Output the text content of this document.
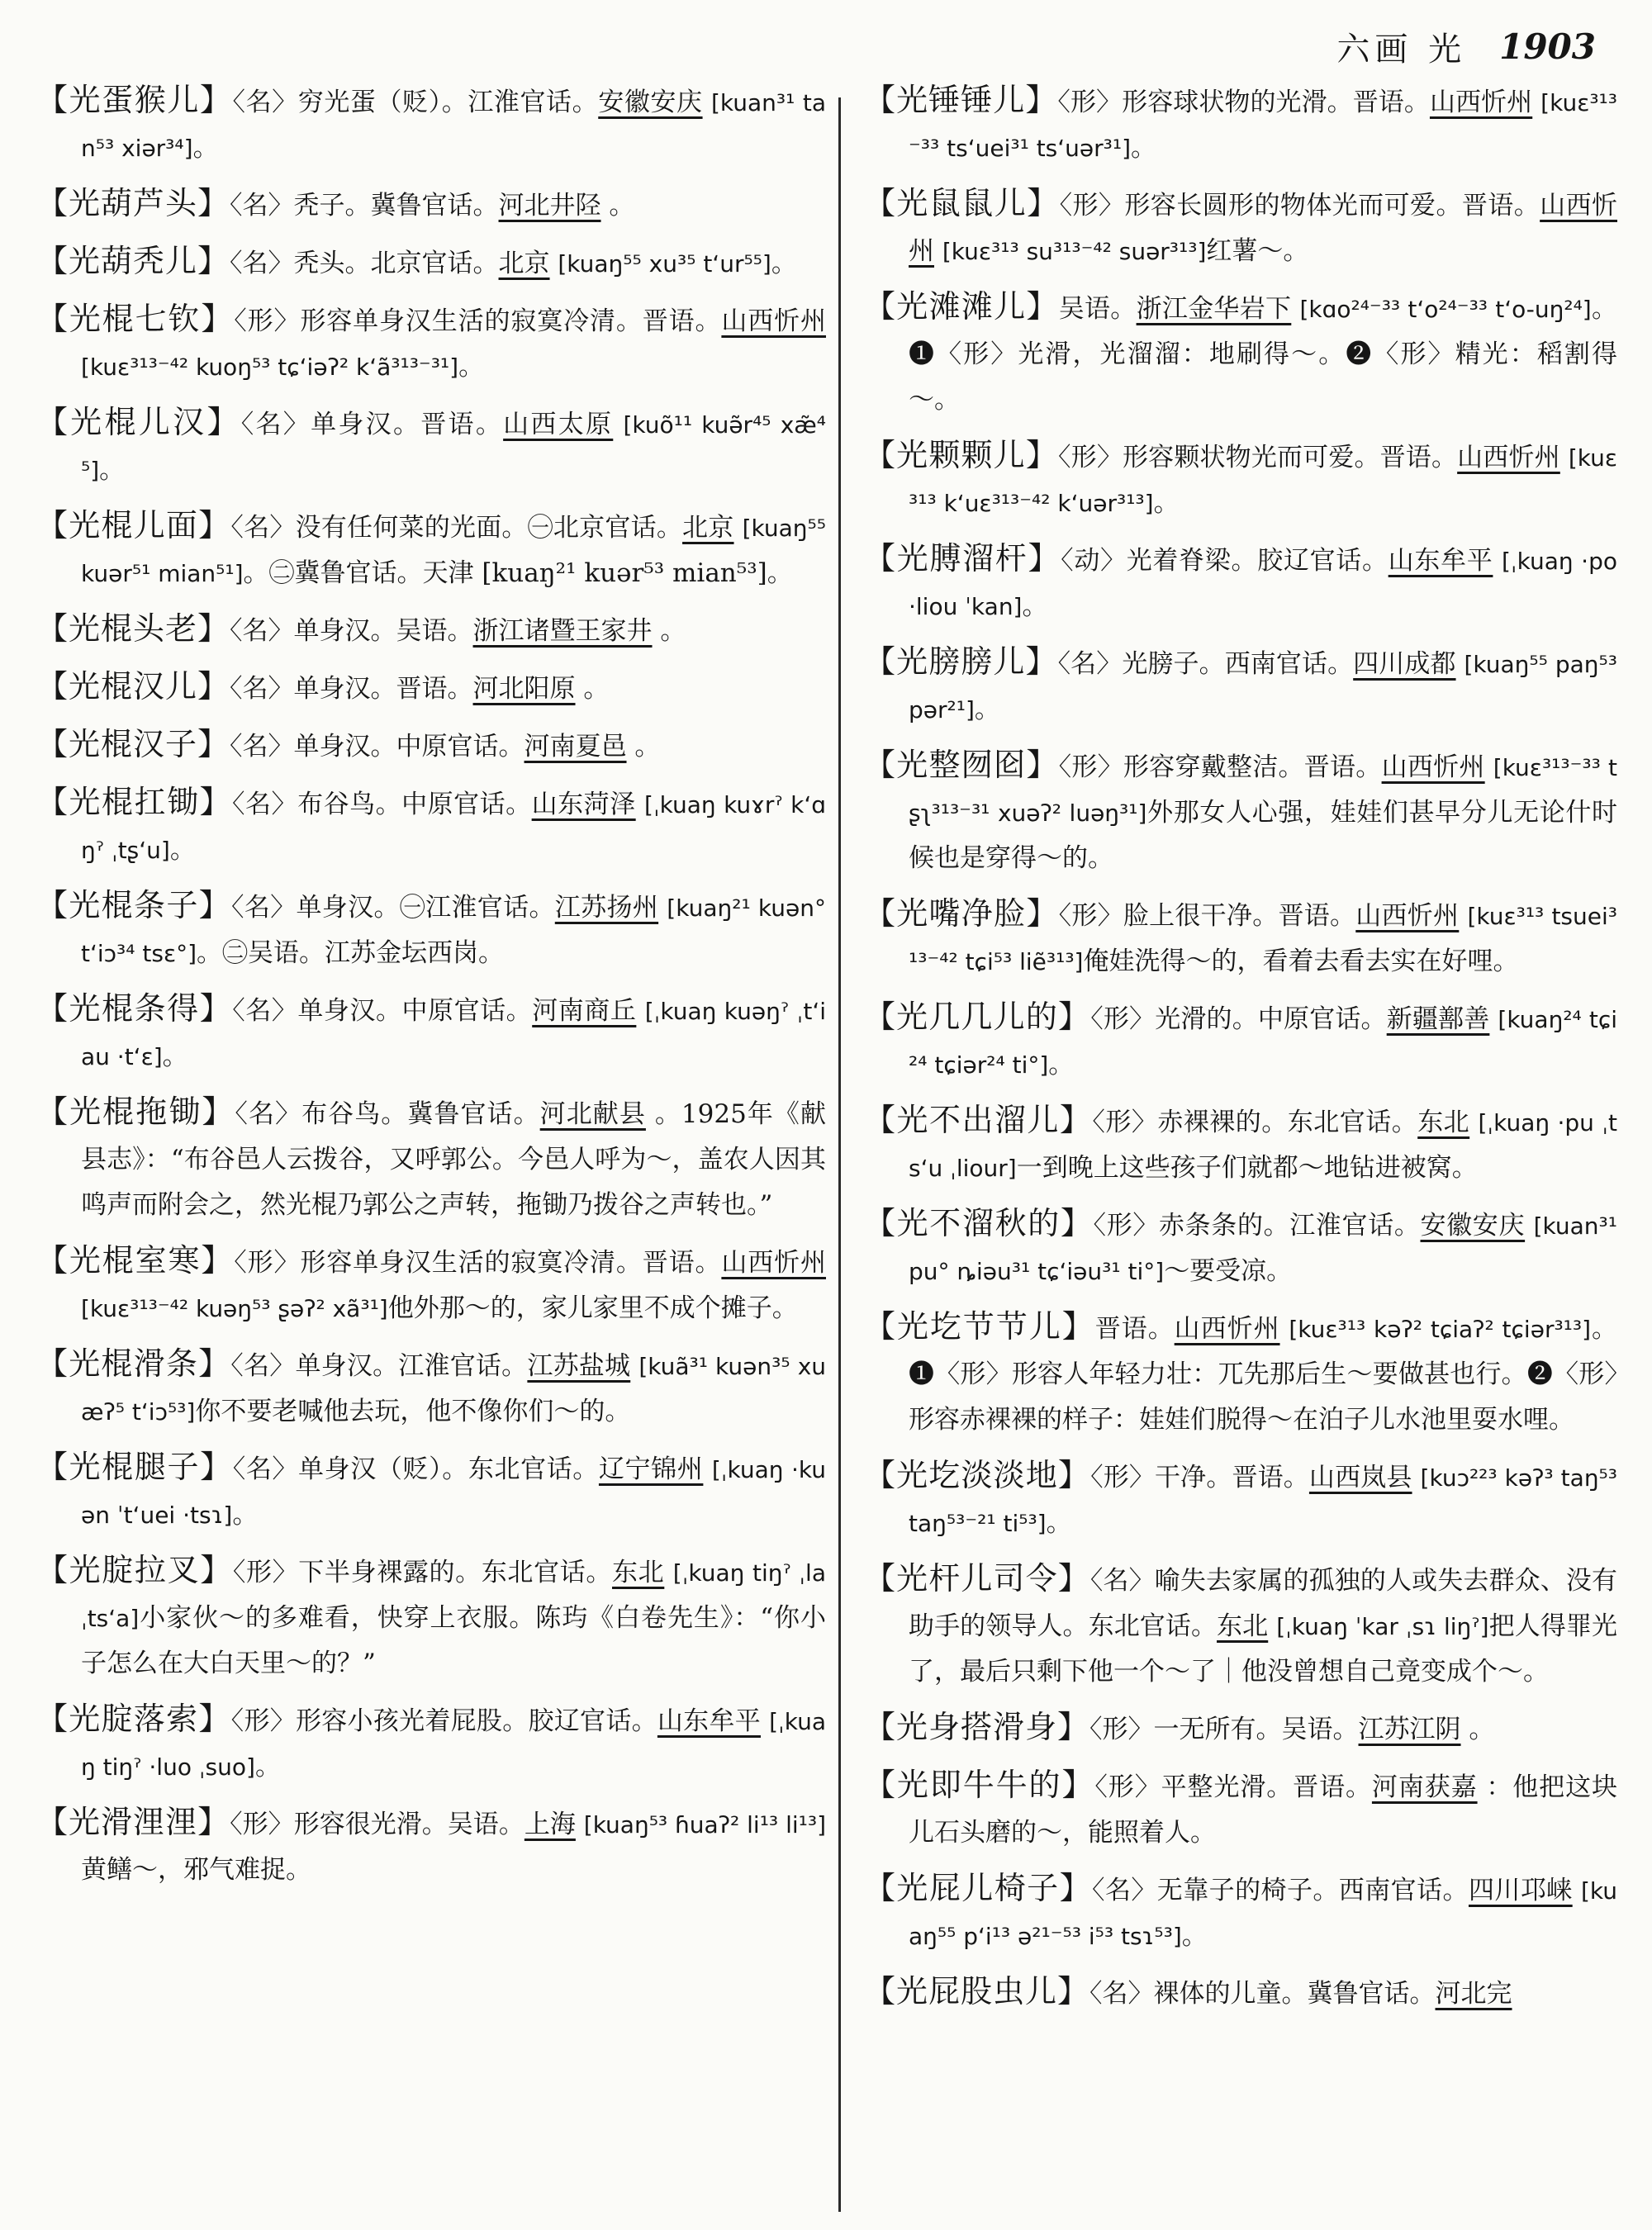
六画 光 1903
【光蛋猴儿】〈名〉穷光蛋（贬）。江淮官话。安徽安庆 [kuan³¹ tan⁵³ xiər³⁴]。
【光葫芦头】〈名〉秃子。冀鲁官话。河北井陉 。
【光葫秃儿】〈名〉秃头。北京官话。北京 [kuaŋ⁵⁵ xu³⁵ tʻur⁵⁵]。
【光棍七钦】〈形〉形容单身汉生活的寂寞冷清。晋语。山西忻州 [kuɛ³¹³⁻⁴² kuoŋ⁵³ tɕʻiəʔ² kʻã³¹³⁻³¹]。
【光棍儿汉】〈名〉单身汉。晋语。山西太原 [kuõ¹¹ kuə̃r⁴⁵ xæ̃⁴⁵]。
【光棍儿面】〈名〉没有任何菜的光面。㊀北京官话。北京 [kuaŋ⁵⁵ kuər⁵¹ mian⁵¹]。㊁冀鲁官话。天津 [kuaŋ²¹ kuər⁵³ mian⁵³]。
【光棍头老】〈名〉单身汉。吴语。浙江诸暨王家井 。
【光棍汉儿】〈名〉单身汉。晋语。河北阳原 。
【光棍汉子】〈名〉单身汉。中原官话。河南夏邑 。
【光棍扛锄】〈名〉布谷鸟。中原官话。山东菏泽 [ˌkuaŋ kuɤrˀ kʻɑŋˀ ˌtʂʻu]。
【光棍条子】〈名〉单身汉。㊀江淮官话。江苏扬州 [kuaŋ²¹ kuən° tʻiɔ³⁴ tsɛ°]。㊁吴语。江苏金坛西岗。
【光棍条得】〈名〉单身汉。中原官话。河南商丘 [ˌkuaŋ kuəŋˀ ˌtʻiau ·tʻɛ]。
【光棍拖锄】〈名〉布谷鸟。冀鲁官话。河北献县 。1925年《献县志》：“布谷邑人云拨谷，又呼郭公。今邑人呼为～，盖农人因其鸣声而附会之，然光棍乃郭公之声转，拖锄乃拨谷之声转也。”
【光棍室寒】〈形〉形容单身汉生活的寂寞冷清。晋语。山西忻州 [kuɛ³¹³⁻⁴² kuəŋ⁵³ ʂəʔ² xã³¹]他外那～的，家儿家里不成个摊子。
【光棍滑条】〈名〉单身汉。江淮官话。江苏盐城 [kuã³¹ kuən³⁵ xuæʔ⁵ tʻiɔ⁵³]你不要老喊他去玩，他不像你们～的。
【光棍腿子】〈名〉单身汉（贬）。东北官话。辽宁锦州 [ˌkuaŋ ·kuən ˈtʻuei ·tsɿ]。
【光腚拉叉】〈形〉下半身裸露的。东北官话。东北 [ˌkuaŋ tiŋˀ ˌla ˌtsʻa]小家伙～的多难看，快穿上衣服。陈玙《白卷先生》：“你小子怎么在大白天里～的？”
【光腚落索】〈形〉形容小孩光着屁股。胶辽官话。山东牟平 [ˌkuaŋ tiŋˀ ·luo ˌsuo]。
【光滑浬浬】〈形〉形容很光滑。吴语。上海 [kuaŋ⁵³ ɦuaʔ² li¹³ li¹³]黄鳝～，邪气难捉。
【光锤锤儿】〈形〉形容球状物的光滑。晋语。山西忻州 [kuɛ³¹³⁻³³ tsʻuei³¹ tsʻuər³¹]。
【光鼠鼠儿】〈形〉形容长圆形的物体光而可爱。晋语。山西忻州 [kuɛ³¹³ su³¹³⁻⁴² suər³¹³]红薯～。
【光滩滩儿】吴语。浙江金华岩下 [kɑo²⁴⁻³³ tʻo²⁴⁻³³ tʻo-uŋ²⁴]。❶〈形〉光滑，光溜溜：地刷得～。❷〈形〉精光：稻割得～。
【光颗颗儿】〈形〉形容颗状物光而可爱。晋语。山西忻州 [kuɛ³¹³ kʻuɛ³¹³⁻⁴² kʻuər³¹³]。
【光膊溜杆】〈动〉光着脊梁。胶辽官话。山东牟平 [ˌkuaŋ ·po ·liou ˈkan]。
【光膀膀儿】〈名〉光膀子。西南官话。四川成都 [kuaŋ⁵⁵ paŋ⁵³ pər²¹]。
【光整囫囵】〈形〉形容穿戴整洁。晋语。山西忻州 [kuɛ³¹³⁻³³ tʂʅ³¹³⁻³¹ xuəʔ² luəŋ³¹]外那女人心强，娃娃们甚早分儿无论什时候也是穿得～的。
【光嘴净脸】〈形〉脸上很干净。晋语。山西忻州 [kuɛ³¹³ tsuei³¹³⁻⁴² tɕi⁵³ liẽ³¹³]俺娃洗得～的，看着去看去实在好哩。
【光几几儿的】〈形〉光滑的。中原官话。新疆鄯善 [kuaŋ²⁴ tɕi²⁴ tɕiər²⁴ ti°]。
【光不出溜儿】〈形〉赤裸裸的。东北官话。东北 [ˌkuaŋ ·pu ˌtsʻu ˌliour]一到晚上这些孩子们就都～地钻进被窝。
【光不溜秋的】〈形〉赤条条的。江淮官话。安徽安庆 [kuan³¹ pu° ȵiəu³¹ tɕʻiəu³¹ ti°]～要受凉。
【光圪节节儿】晋语。山西忻州 [kuɛ³¹³ kəʔ² tɕiaʔ² tɕiər³¹³]。❶〈形〉形容人年轻力壮：兀先那后生～要做甚也行。❷〈形〉形容赤裸裸的样子：娃娃们脱得～在泊子儿水池里耍水哩。
【光圪淡淡地】〈形〉干净。晋语。山西岚县 [kuɔ²²³ kəʔ³ taŋ⁵³ taŋ⁵³⁻²¹ ti⁵³]。
【光杆儿司令】〈名〉喻失去家属的孤独的人或失去群众、没有助手的领导人。东北官话。东北 [ˌkuaŋ ˈkar ˌsɿ liŋˀ]把人得罪光了，最后只剩下他一个～了｜他没曾想自己竟变成个～。
【光身搭滑身】〈形〉一无所有。吴语。江苏江阴 。
【光即牛牛的】〈形〉平整光滑。晋语。河南获嘉 ：他把这块儿石头磨的～，能照着人。
【光屁儿椅子】〈名〉无靠子的椅子。西南官话。四川邛崃 [kuaŋ⁵⁵ pʻi¹³ ə²¹⁻⁵³ i⁵³ tsɿ⁵³]。
【光屁股虫儿】〈名〉裸体的儿童。冀鲁官话。河北完
